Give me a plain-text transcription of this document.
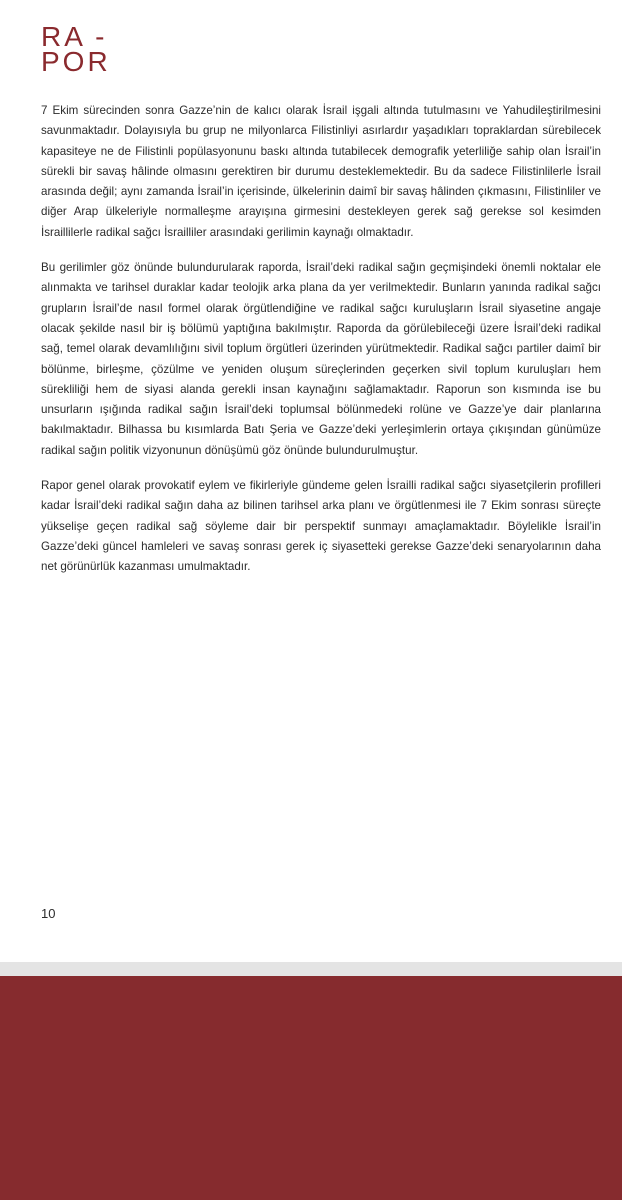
RA -
POR

7 Ekim sürecinden sonra Gazze’nin de kalıcı olarak İsrail işgali altında tutulmasını ve Yahudileştirilmesini savunmaktadır. Dolayısıyla bu grup ne milyonlarca Filistinliyi asırlardır yaşadıkları topraklardan sürebilecek kapasiteye ne de Filistinli popülasyonunu baskı altında tutabilecek demografik yeterliliğe sahip olan İsrail’in sürekli bir savaş hâlinde olmasını gerektiren bir durumu desteklemektedir. Bu da sadece Filistinlilerle İsrail arasında değil; aynı zamanda İsrail’in içerisinde, ülkelerinin daimî bir savaş hâlinden çıkmasını, Filistinliler ve diğer Arap ülkeleriyle normalleşme arayışına girmesini destekleyen gerek sağ gerekse sol kesimden İsraillilerle radikal sağcı İsrailliler arasındaki gerilimin kaynağı olmaktadır.

Bu gerilimler göz önünde bulundurularak raporda, İsrail’deki radikal sağın geçmişindeki önemli noktalar ele alınmakta ve tarihsel duraklar kadar teolojik arka plana da yer verilmektedir. Bunların yanında radikal sağcı grupların İsrail’de nasıl formel olarak örgütlendiğine ve radikal sağcı kuruluşların İsrail siyasetine angaje olacak şekilde nasıl bir iş bölümü yaptığına bakılmıştır. Raporda da görülebileceği üzere İsrail’deki radikal sağ, temel olarak devamlılığını sivil toplum örgütleri üzerinden yürütmektedir. Radikal sağcı partiler daimî bir bölünme, birleşme, çözülme ve yeniden oluşum süreçlerinden geçerken sivil toplum kuruluşları hem sürekliliği hem de siyasi alanda gerekli insan kaynağını sağlamaktadır. Raporun son kısmında ise bu unsurların ışığında radikal sağın İsrail’deki toplumsal bölünmedeki rolüne ve Gazze’ye dair planlarına bakılmaktadır. Bilhassa bu kısımlarda Batı Şeria ve Gazze’deki yerleşimlerin ortaya çıkışından günümüze radikal sağın politik vizyonunun dönüşümü göz önünde bulundurulmuştur.

Rapor genel olarak provokatif eylem ve fikirleriyle gündeme gelen İsrailli radikal sağcı siyasetçilerin profilleri kadar İsrail’deki radikal sağın daha az bilinen tarihsel arka planı ve örgütlenmesi ile 7 Ekim sonrası süreçte yükselişe geçen radikal sağ söyleme dair bir perspektif sunmayı amaçlamaktadır. Böylelikle İsrail’in Gazze’deki güncel hamleleri ve savaş sonrası gerek iç siyasetteki gerekse Gazze’deki senaryolarının daha net görünürlük kazanması umulmaktadır.

10
